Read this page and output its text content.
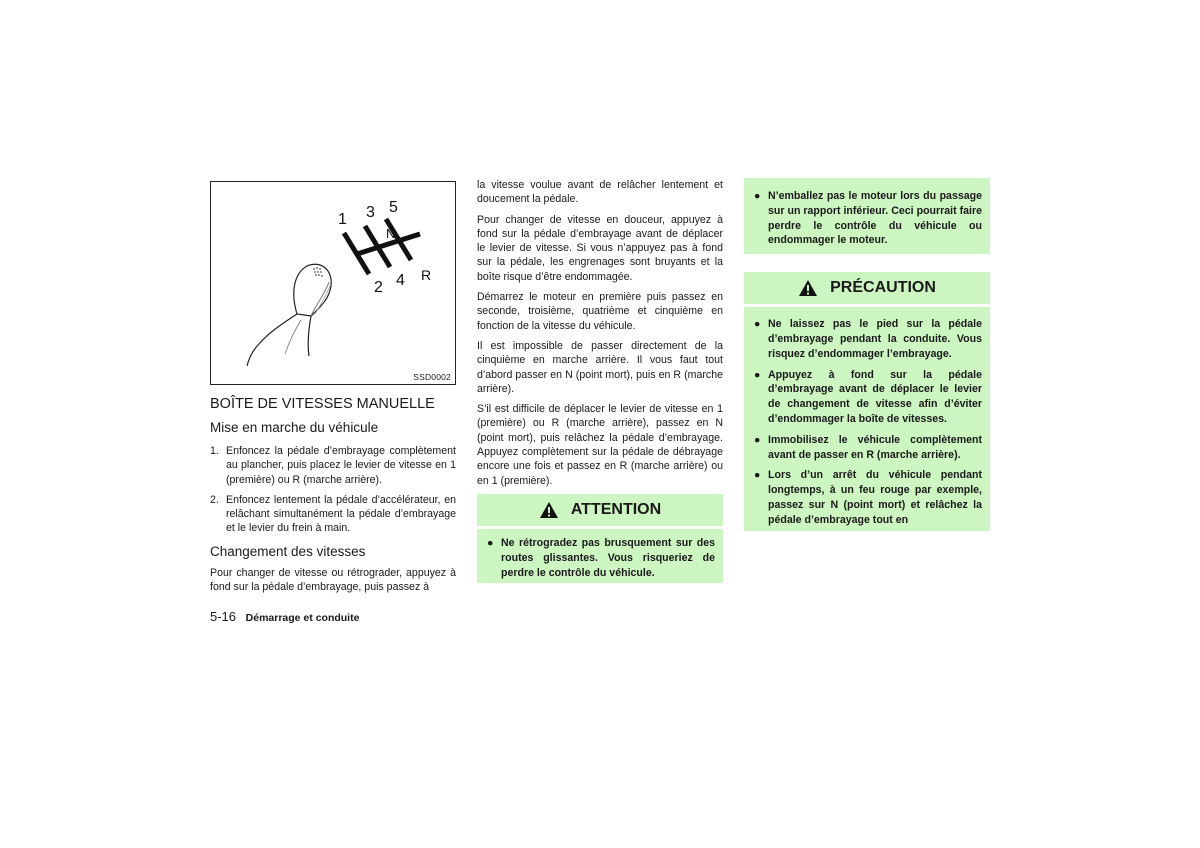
1 3 5
N
2 4 R
SSD0002
BOÎTE DE VITESSES MANUELLE
Mise en marche du véhicule
1. Enfoncez la pédale d’embrayage complètement au plancher, puis placez le levier de vitesse en 1 (première) ou R (marche arrière).
2. Enfoncez lentement la pédale d’accélérateur, en relâchant simultanément la pédale d’embrayage et le levier du frein à main.
Changement des vitesses

Pour changer de vitesse ou rétrograder, appuyez à fond sur la pédale d’embrayage, puis passez à

la vitesse voulue avant de relâcher lentement et doucement la pédale.

Pour changer de vitesse en douceur, appuyez à fond sur la pédale d’embrayage avant de déplacer le levier de vitesse. Si vous n’appuyez pas à fond sur la pédale, les engrenages sont bruyants et la boîte risque d’être endommagée.

Démarrez le moteur en première puis passez en seconde, troisième, quatrième et cinquième en fonction de la vitesse du véhicule.

Il est impossible de passer directement de la cinquième en marche arrière. Il vous faut tout d’abord passer en N (point mort), puis en R (marche arrière).

S’il est difficile de déplacer le levier de vitesse en 1 (première) ou R (marche arrière), passez en N (point mort), puis relâchez la pédale d’embrayage. Appuyez complètement sur la pédale de débrayage encore une fois et passez en R (marche arrière) ou en 1 (première).

ATTENTION
● Ne rétrogradez pas brusquement sur des routes glissantes. Vous risqueriez de perdre le contrôle du véhicule.
● N’emballez pas le moteur lors du passage sur un rapport inférieur. Ceci pourrait faire perdre le contrôle du véhicule ou endommager le moteur.
PRÉCAUTION
● Ne laissez pas le pied sur la pédale d’embrayage pendant la conduite. Vous risquez d’endommager l’embrayage.
● Appuyez à fond sur la pédale d’embrayage avant de déplacer le levier de changement de vitesse afin d’éviter d’endommager la boîte de vitesses.
● Immobilisez le véhicule complètement avant de passer en R (marche arrière).
● Lors d’un arrêt du véhicule pendant longtemps, à un feu rouge par exemple, passez sur N (point mort) et relâchez la pédale d’embrayage tout en
5-16 Démarrage et conduite
